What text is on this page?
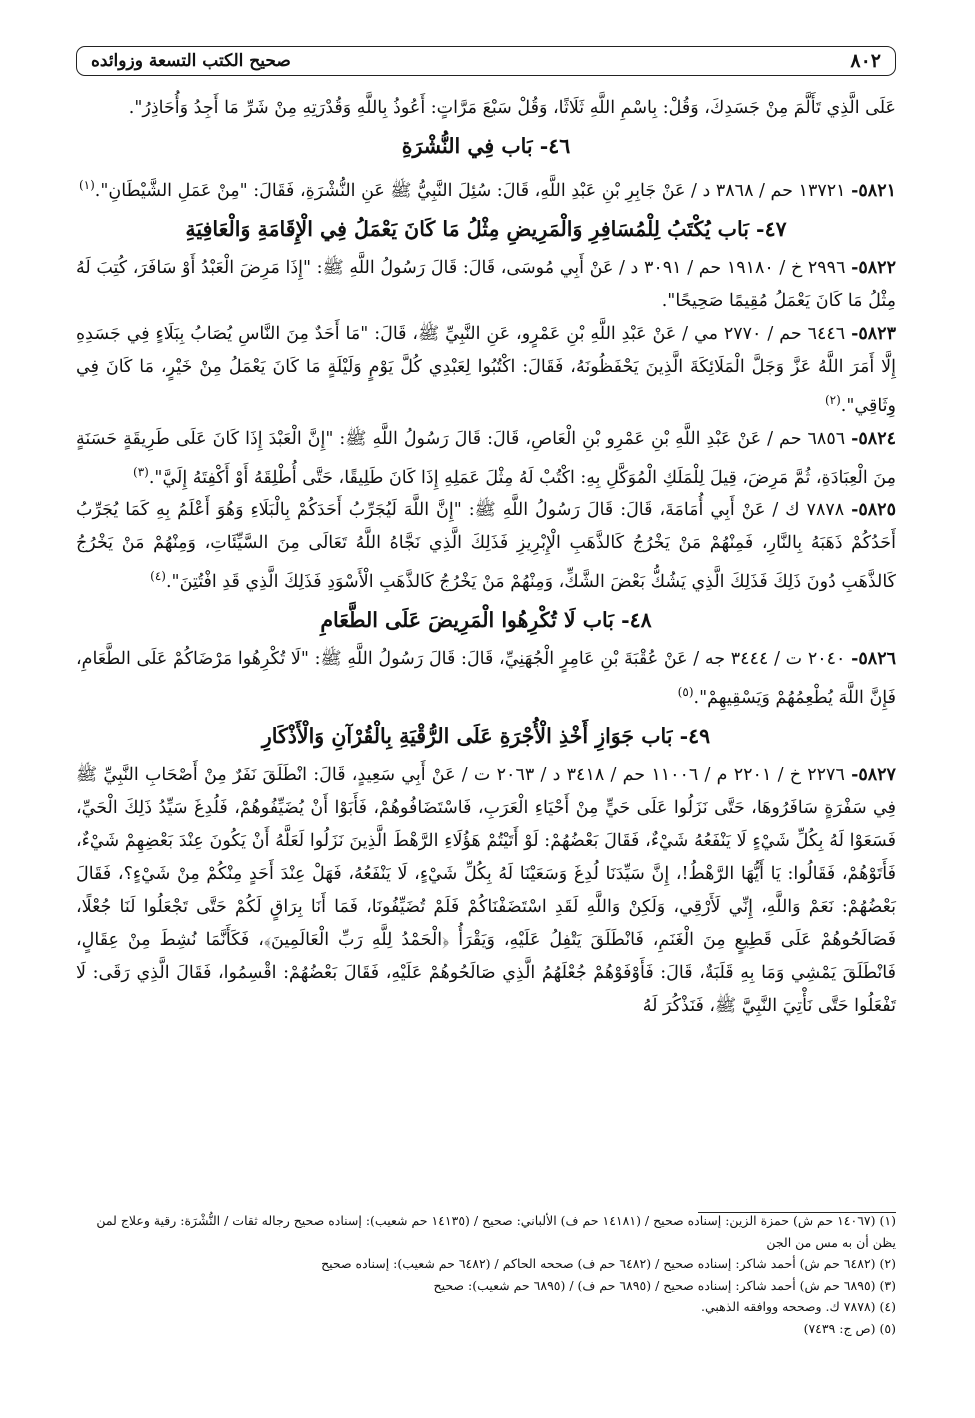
٨٠٢
صحيح الكتب التسعة وزوائده

عَلَى الَّذِي تَأَلَّمَ مِنْ جَسَدِكَ، وَقُلْ: بِاسْمِ اللَّهِ ثَلَاثًا، وَقُلْ سَبْعَ مَرَّاتٍ: أَعُوذُ بِاللَّهِ وَقُدْرَتِهِ مِنْ شَرِّ مَا أَجِدُ وَأُحَاذِرُ".

٤٦- بَاب فِي النُّشْرَةِ

٥٨٢١- ١٣٧٢١ حم / ٣٨٦٨ د / عَنْ جَابِرِ بْنِ عَبْدِ اللَّهِ، قَالَ: سُئِلَ النَّبِيُّ ﷺ عَنِ النُّشْرَةِ، فَقَالَ: "مِنْ عَمَلِ الشَّيْطَانِ".$^{(١)}$

٤٧- بَاب يُكْتَبُ لِلْمُسَافِرِ وَالْمَرِيضِ مِثْلُ مَا كَانَ يَعْمَلُ فِي الْإِقَامَةِ وَالْعَافِيَةِ

٥٨٢٢- ٢٩٩٦ خ / ١٩١٨٠ حم / ٣٠٩١ د / عَنْ أَبِي مُوسَى، قَالَ: قَالَ رَسُولُ اللَّهِ ﷺ: "إِذَا مَرِضَ الْعَبْدُ أَوْ سَافَرَ، كُتِبَ لَهُ مِثْلُ مَا كَانَ يَعْمَلُ مُقِيمًا صَحِيحًا".

٥٨٢٣- ٦٤٤٦ حم / ٢٧٧٠ مي / عَنْ عَبْدِ اللَّهِ بْنِ عَمْرٍو، عَنِ النَّبِيِّ ﷺ، قَالَ: "مَا أَحَدٌ مِنَ النَّاسِ يُصَابُ بِبَلَاءٍ فِي جَسَدِهِ إِلَّا أَمَرَ اللَّهُ عَزَّ وَجَلَّ الْمَلَائِكَةَ الَّذِينَ يَحْفَظُونَهُ، فَقَالَ: اكْتُبُوا لِعَبْدِي كُلَّ يَوْمٍ وَلَيْلَةٍ مَا كَانَ يَعْمَلُ مِنْ خَيْرٍ، مَا كَانَ فِي وِثَاقِي".$^{(٢)}$

٥٨٢٤- ٦٨٥٦ حم / عَنْ عَبْدِ اللَّهِ بْنِ عَمْرِو بْنِ الْعَاصِ، قَالَ: قَالَ رَسُولُ اللَّهِ ﷺ: "إِنَّ الْعَبْدَ إِذَا كَانَ عَلَى طَرِيقَةٍ حَسَنَةٍ مِنَ الْعِبَادَةِ، ثُمَّ مَرِضَ، قِيلَ لِلْمَلَكِ الْمُوَكَّلِ بِهِ: اكْتُبْ لَهُ مِثْلَ عَمَلِهِ إِذَا كَانَ طَلِيقًا، حَتَّى أُطْلِقَهُ أَوْ أَكْفِتَهُ إِلَيَّ".$^{(٣)}$

٥٨٢٥- ٧٨٧٨ ك / عَنْ أَبِي أُمَامَةَ، قَالَ: قَالَ رَسُولُ اللَّهِ ﷺ: "إِنَّ اللَّهَ لَيُجَرِّبُ أَحَدَكُمْ بِالْبَلَاءِ وَهُوَ أَعْلَمُ بِهِ كَمَا يُجَرِّبُ أَحَدُكُمْ ذَهَبَهُ بِالنَّارِ، فَمِنْهُمْ مَنْ يَخْرُجُ كَالذَّهَبِ الْإِبْرِيزِ فَذَلِكَ الَّذِي نَجَّاهُ اللَّهُ تَعَالَى مِنَ السَّيِّئَاتِ، وَمِنْهُمْ مَنْ يَخْرُجُ كَالذَّهَبِ دُونَ ذَلِكَ فَذَلِكَ الَّذِي يَشُكُّ بَعْضَ الشَّكِّ، وَمِنْهُمْ مَنْ يَخْرُجُ كَالذَّهَبِ الْأَسْوَدِ فَذَلِكَ الَّذِي قَدِ افْتُتِنَ".$^{(٤)}$

٤٨- بَاب لَا تُكْرِهُوا الْمَرِيضَ عَلَى الطَّعَامِ

٥٨٢٦- ٢٠٤٠ ت / ٣٤٤٤ جه / عَنْ عُقْبَةَ بْنِ عَامِرٍ الْجُهَنِيِّ، قَالَ: قَالَ رَسُولُ اللَّهِ ﷺ: "لَا تُكْرِهُوا مَرْضَاكُمْ عَلَى الطَّعَامِ، فَإِنَّ اللَّهَ يُطْعِمُهُمْ وَيَسْقِيهِمْ".$^{(٥)}$

٤٩- بَاب جَوَازِ أَخْذِ الْأُجْرَةِ عَلَى الرُّقْيَةِ بِالْقُرْآنِ وَالْأَذْكَارِ

٥٨٢٧- ٢٢٧٦ خ / ٢٢٠١ م / ١١٠٠٦ حم / ٣٤١٨ د / ٢٠٦٣ ت / عَنْ أَبِي سَعِيدٍ، قَالَ: انْطَلَقَ نَفَرٌ مِنْ أَصْحَابِ النَّبِيِّ ﷺ فِي سَفْرَةٍ سَافَرُوهَا، حَتَّى نَزَلُوا عَلَى حَيٍّ مِنْ أَحْيَاءِ الْعَرَبِ، فَاسْتَضَافُوهُمْ، فَأَبَوْا أَنْ يُضَيِّفُوهُمْ، فَلُدِغَ سَيِّدُ ذَلِكَ الْحَيِّ، فَسَعَوْا لَهُ بِكُلِّ شَيْءٍ لَا يَنْفَعُهُ شَيْءٌ، فَقَالَ بَعْضُهُمْ: لَوْ أَتَيْتُمْ هَؤُلَاءِ الرَّهْطَ الَّذِينَ نَزَلُوا لَعَلَّهُ أَنْ يَكُونَ عِنْدَ بَعْضِهِمْ شَيْءٌ، فَأَتَوْهُمْ، فَقَالُوا: يَا أَيُّهَا الرَّهْطُ!، إِنَّ سَيِّدَنَا لُدِغَ وَسَعَيْنَا لَهُ بِكُلِّ شَيْءٍ، لَا يَنْفَعُهُ، فَهَلْ عِنْدَ أَحَدٍ مِنْكُمْ مِنْ شَيْءٍ؟، فَقَالَ بَعْضُهُمْ: نَعَمْ وَاللَّهِ، إِنِّي لَأَرْقِي، وَلَكِنْ وَاللَّهِ لَقَدِ اسْتَضَفْنَاكُمْ فَلَمْ تُضَيِّفُونَا، فَمَا أَنَا بِرَاقٍ لَكُمْ حَتَّى تَجْعَلُوا لَنَا جُعْلًا، فَصَالَحُوهُمْ عَلَى قَطِيعٍ مِنَ الْغَنَمِ، فَانْطَلَقَ يَتْفِلُ عَلَيْهِ، وَيَقْرَأُ ﴿الْحَمْدُ لِلَّهِ رَبِّ الْعَالَمِينَ﴾، فَكَأَنَّمَا نُشِطَ مِنْ عِقَالٍ، فَانْطَلَقَ يَمْشِي وَمَا بِهِ قَلَبَةٌ، قَالَ: فَأَوْفَوْهُمْ جُعْلَهُمُ الَّذِي صَالَحُوهُمْ عَلَيْهِ، فَقَالَ بَعْضُهُمْ: اقْسِمُوا، فَقَالَ الَّذِي رَقَى: لَا تَفْعَلُوا حَتَّى نَأْتِيَ النَّبِيَّ ﷺ، فَنَذْكُرَ لَهُ

(١) (١٤٠٦٧ حم ش) حمزة الزين: إسناده صحيح / (١٤١٨١ حم ف) الألباني: صحيح / (١٤١٣٥ حم شعيب): إسناده صحيح رجاله ثقات / النُّشْرَة: رقية وعلاج لمن يظن أن به مس من الجن

(٢) (٦٤٨٢ حم ش) أحمد شاكر: إسناده صحيح / (٦٤٨٢ حم ف) صححه الحاكم / (٦٤٨٢ حم شعيب): إسناده صحيح

(٣) (٦٨٩٥ حم ش) أحمد شاكر: إسناده صحيح / (٦٨٩٥ حم ف) / (٦٨٩٥ حم شعيب): صحيح

(٤) (٧٨٧٨ ك. وصححه ووافقه الذهبي.

(٥) (ص ج: ٧٤٣٩)
